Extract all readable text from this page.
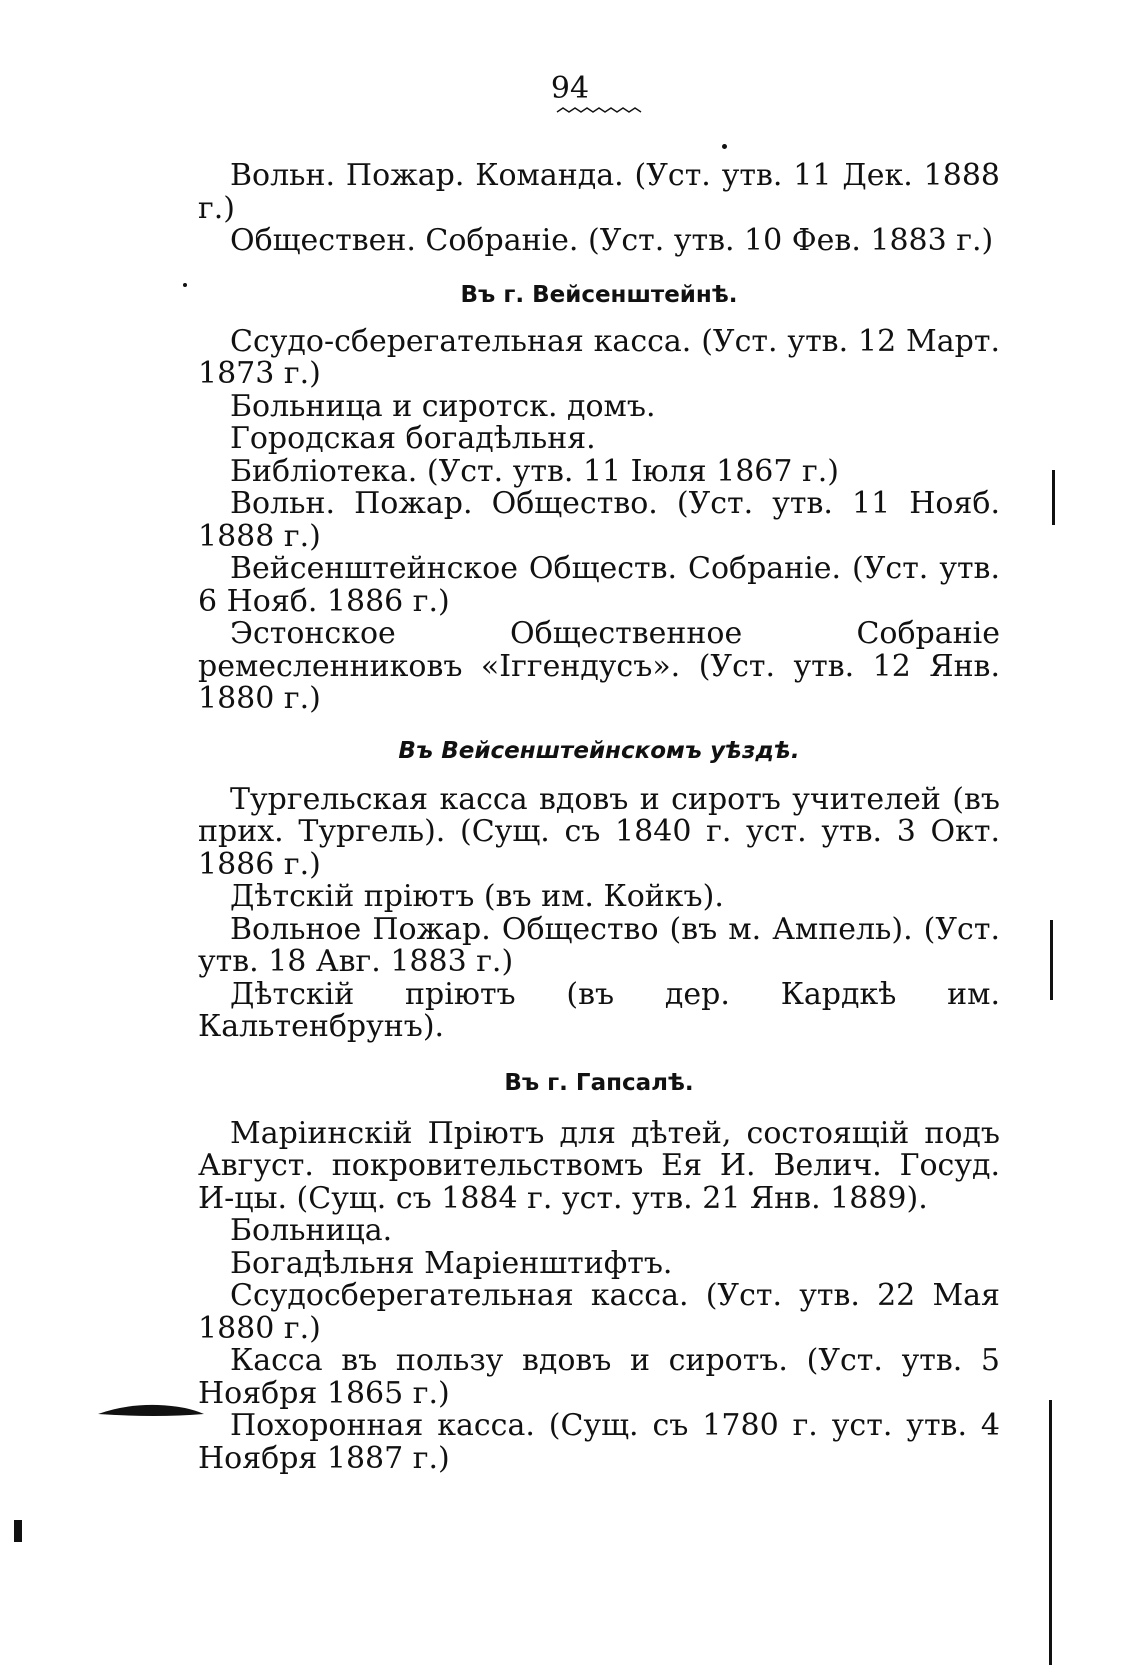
94

Вольн. Пожар. Команда. (Уст. утв. 11 Дек. 1888 г.)

Обществен. Собраніе. (Уст. утв. 10 Фев. 1883 г.)

Въ г. Вейсенштейнѣ.

Ссудо-сберегательная касса. (Уст. утв. 12 Март. 1873 г.)

Больница и сиротск. домъ.

Городская богадѣльня.

Библіотека. (Уст. утв. 11 Іюля 1867 г.)

Вольн. Пожар. Общество. (Уст. утв. 11 Нояб. 1888 г.)

Вейсенштейнское Обществ. Собраніе. (Уст. утв. 6 Нояб. 1886 г.)

Эстонское Общественное Собраніе ремесленниковъ «Іггендусъ». (Уст. утв. 12 Янв. 1880 г.)

Въ Вейсенштейнскомъ уѣздѣ.

Тургельская касса вдовъ и сиротъ учителей (въ прих. Тургель). (Сущ. съ 1840 г. уст. утв. 3 Окт. 1886 г.)

Дѣтскій пріютъ (въ им. Койкъ).

Вольное Пожар. Общество (въ м. Ампель). (Уст. утв. 18 Авг. 1883 г.)

Дѣтскій пріютъ (въ дер. Кардкѣ им. Кальтенбрунъ).

Въ г. Гапсалѣ.

Маріинскій Пріютъ для дѣтей, состоящій подъ Август. покровительствомъ Ея И. Велич. Госуд. И-цы. (Сущ. съ 1884 г. уст. утв. 21 Янв. 1889).

Больница.

Богадѣльня Маріенштифтъ.

Ссудосберегательная касса. (Уст. утв. 22 Мая 1880 г.)

Касса въ пользу вдовъ и сиротъ. (Уст. утв. 5 Ноября 1865 г.)

Похоронная касса. (Сущ. съ 1780 г. уст. утв. 4 Ноября 1887 г.)
